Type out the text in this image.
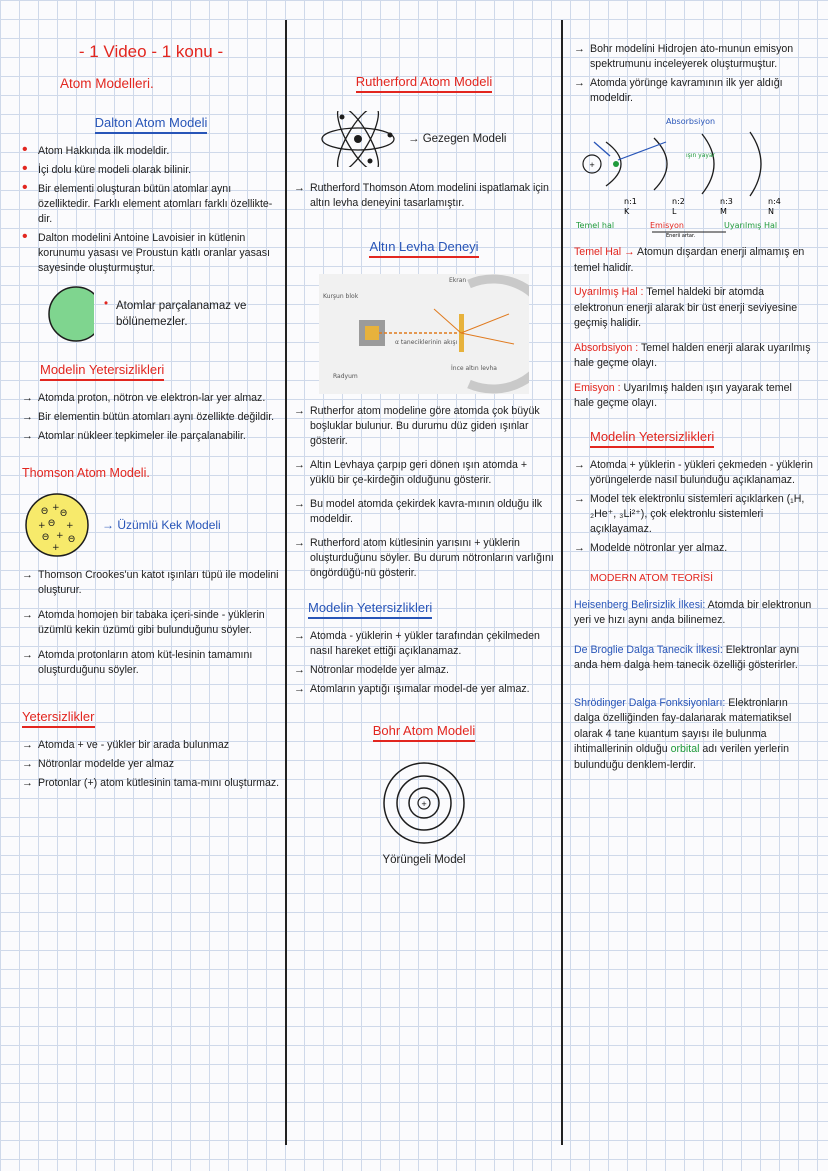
- 1 Video - 1 konu -
Atom Modelleri.
Dalton Atom Modeli
• Atom Hakkında ilk modeldir.
• İçi dolu küre modeli olarak bilinir.
• Bir elementi oluşturan bütün atomlar aynı özelliktedir. Farklı element atomları farklı özellikte-dir.
• Dalton modelini Antoine Lavoisier in kütlenin korunumu yasası ve Proustun katlı oranlar yasası sayesinde oluşturmuştur.
• Atomlar parçalanamaz ve bölünemezler.
Modelin Yetersizlikleri
→ Atomda proton, nötron ve elektron-lar yer almaz.
→ Bir elementin bütün atomları aynı özellikte değildir.
→ Atomlar nükleer tepkimeler ile parçalanabilir.
Thomson Atom Modeli.
Θ +
Θ
+ Θ +
Θ + Θ
+
→ Üzümlü Kek Modeli
→ Thomson Crookes'un katot ışınları tüpü ile modelini oluşturur.
→ Atomda homojen bir tabaka içeri-sinde - yüklerin üzümlü kekin üzümü gibi bulunduğunu söyler.
→ Atomda protonların atom küt-lesinin tamamını oluşturduğunu söyler.
Yetersizlikler
→ Atomda + ve - yükler bir arada bulunmaz
→ Nötronlar modelde yer almaz
→ Protonlar (+) atom kütlesinin tama-mını oluşturmaz.
Rutherford Atom Modeli
→ Gezegen Modeli
→ Rutherford Thomson Atom modelini ispatlamak için altın levha deneyini tasarlamıştır.
Altın Levha Deneyi
Ekran
Kurşun blok
Radyum
α taneciklerinin akışı
İnce altın levha
→ Rutherfor atom modeline göre atomda çok büyük boşluklar bulunur. Bu durumu düz giden ışınlar gösterir.
→ Altın Levhaya çarpıp geri dönen ışın atomda + yüklü bir çe-kirdeğin olduğunu gösterir.
→ Bu model atomda çekirdek kavra-mının olduğu ilk modeldir.
→ Rutherford atom kütlesinin yarısını + yüklerin oluşturduğunu söyler. Bu durum nötronların varlığını öngördüğü-nü gösterir.
Modelin Yetersizlikleri
→ Atomda - yüklerin + yükler tarafından çekilmeden nasıl hareket ettiği açıklanamaz.
→ Nötronlar modelde yer almaz.
→ Atomların yaptığı ışımalar model-de yer almaz.
Bohr Atom Modeli
+
Yörüngeli Model
→ Bohr modelini Hidrojen ato-munun emisyon spektrumunu inceleyerek oluşturmuştur.
→ Atomda yörünge kavramının ilk yer aldığı modeldir.
Absorbsiyon
+
ışın yayar
n:1
K
n:2
L
n:3
M
n:4
N
Temel hal	Emisyon	Uyarılmış Hal
Enerji artar.

Temel Hal → Atomun dışardan enerji almamış en temel halidir.

Uyarılmış Hal : Temel haldeki bir atomda elektronun enerji alarak bir üst enerji seviyesine geçmiş halidir.

Absorbsiyon : Temel halden enerji alarak uyarılmış hale geçme olayı.

Emisyon : Uyarılmış halden ışın yayarak temel hale geçme olayı.

Modelin Yetersizlikleri
→ Atomda + yüklerin - yükleri çekmeden - yüklerin yörüngelerde nasıl bulunduğu açıklanamaz.
→ Model tek elektronlu sistemleri açıklarken (₁H, ₂He⁺, ₃Li²⁺), çok elektronlu sistemleri açıklayamaz.
→ Modelde nötronlar yer almaz.
MODERN ATOM TEORİSİ

Heisenberg Belirsizlik İlkesi: Atomda bir elektronun yeri ve hızı aynı anda bilinemez.

De Broglie Dalga Tanecik İlkesi: Elektronlar aynı anda hem dalga hem tanecik özelliği gösterirler.

Shrödinger Dalga Fonksiyonları: Elektronların dalga özelliğinden fay-dalanarak matematiksel olarak 4 tane kuantum sayısı ile bulunma ihtimallerinin olduğu orbital adı verilen yerlerin bulunduğu denklem-lerdir.
